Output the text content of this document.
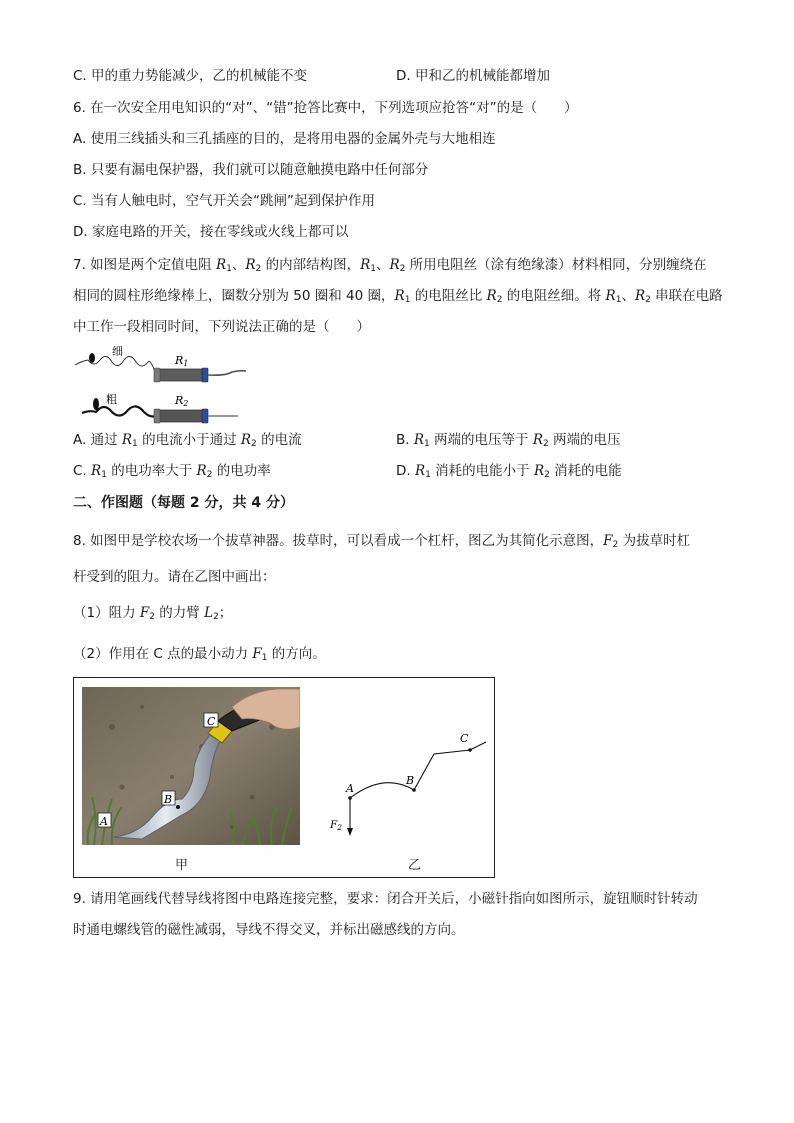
C. 甲的重力势能减少，乙的机械能不变	D. 甲和乙的机械能都增加
6. 在一次安全用电知识的“对”、“错”抢答比赛中，下列选项应抢答“对”的是（　　）
A. 使用三线插头和三孔插座的目的，是将用电器的金属外壳与大地相连
B. 只要有漏电保护器，我们就可以随意触摸电路中任何部分
C. 当有人触电时，空气开关会“跳闸”起到保护作用
D. 家庭电路的开关，接在零线或火线上都可以
7. 如图是两个定值电阻 $R_1$、$R_2$ 的内部结构图，$R_1$、$R_2$ 所用电阻丝（涂有绝缘漆）材料相同，分别缠绕在
相同的圆柱形绝缘棒上，圈数分别为 50 圈和 40 圈，$R_1$ 的电阻丝比 $R_2$ 的电阻丝细。将 $R_1$、$R_2$ 串联在电路
中工作一段相同时间，下列说法正确的是（　　）
细
R1
粗	R2
A. 通过 $R_1$ 的电流小于通过 $R_2$ 的电流	B. $R_1$ 两端的电压等于 $R_2$ 两端的电压
C. $R_1$ 的电功率大于 $R_2$ 的电功率	D. $R_1$ 消耗的电能小于 $R_2$ 消耗的电能
二、作图题（每题 2 分，共 4 分）
8. 如图甲是学校农场一个拔草神器。拔草时，可以看成一个杠杆，图乙为其简化示意图，$F_2$ 为拔草时杠
杆受到的阻力。请在乙图中画出：
（1）阻力 $F_2$ 的力臂 $L_2$；
（2）作用在 C 点的最小动力 $F_1$ 的方向。
C
B
A
A
B
C
F2
甲	乙
9. 请用笔画线代替导线将图中电路连接完整，要求：闭合开关后，小磁针指向如图所示，旋钮顺时针转动
时通电螺线管的磁性减弱，导线不得交叉，并标出磁感线的方向。
